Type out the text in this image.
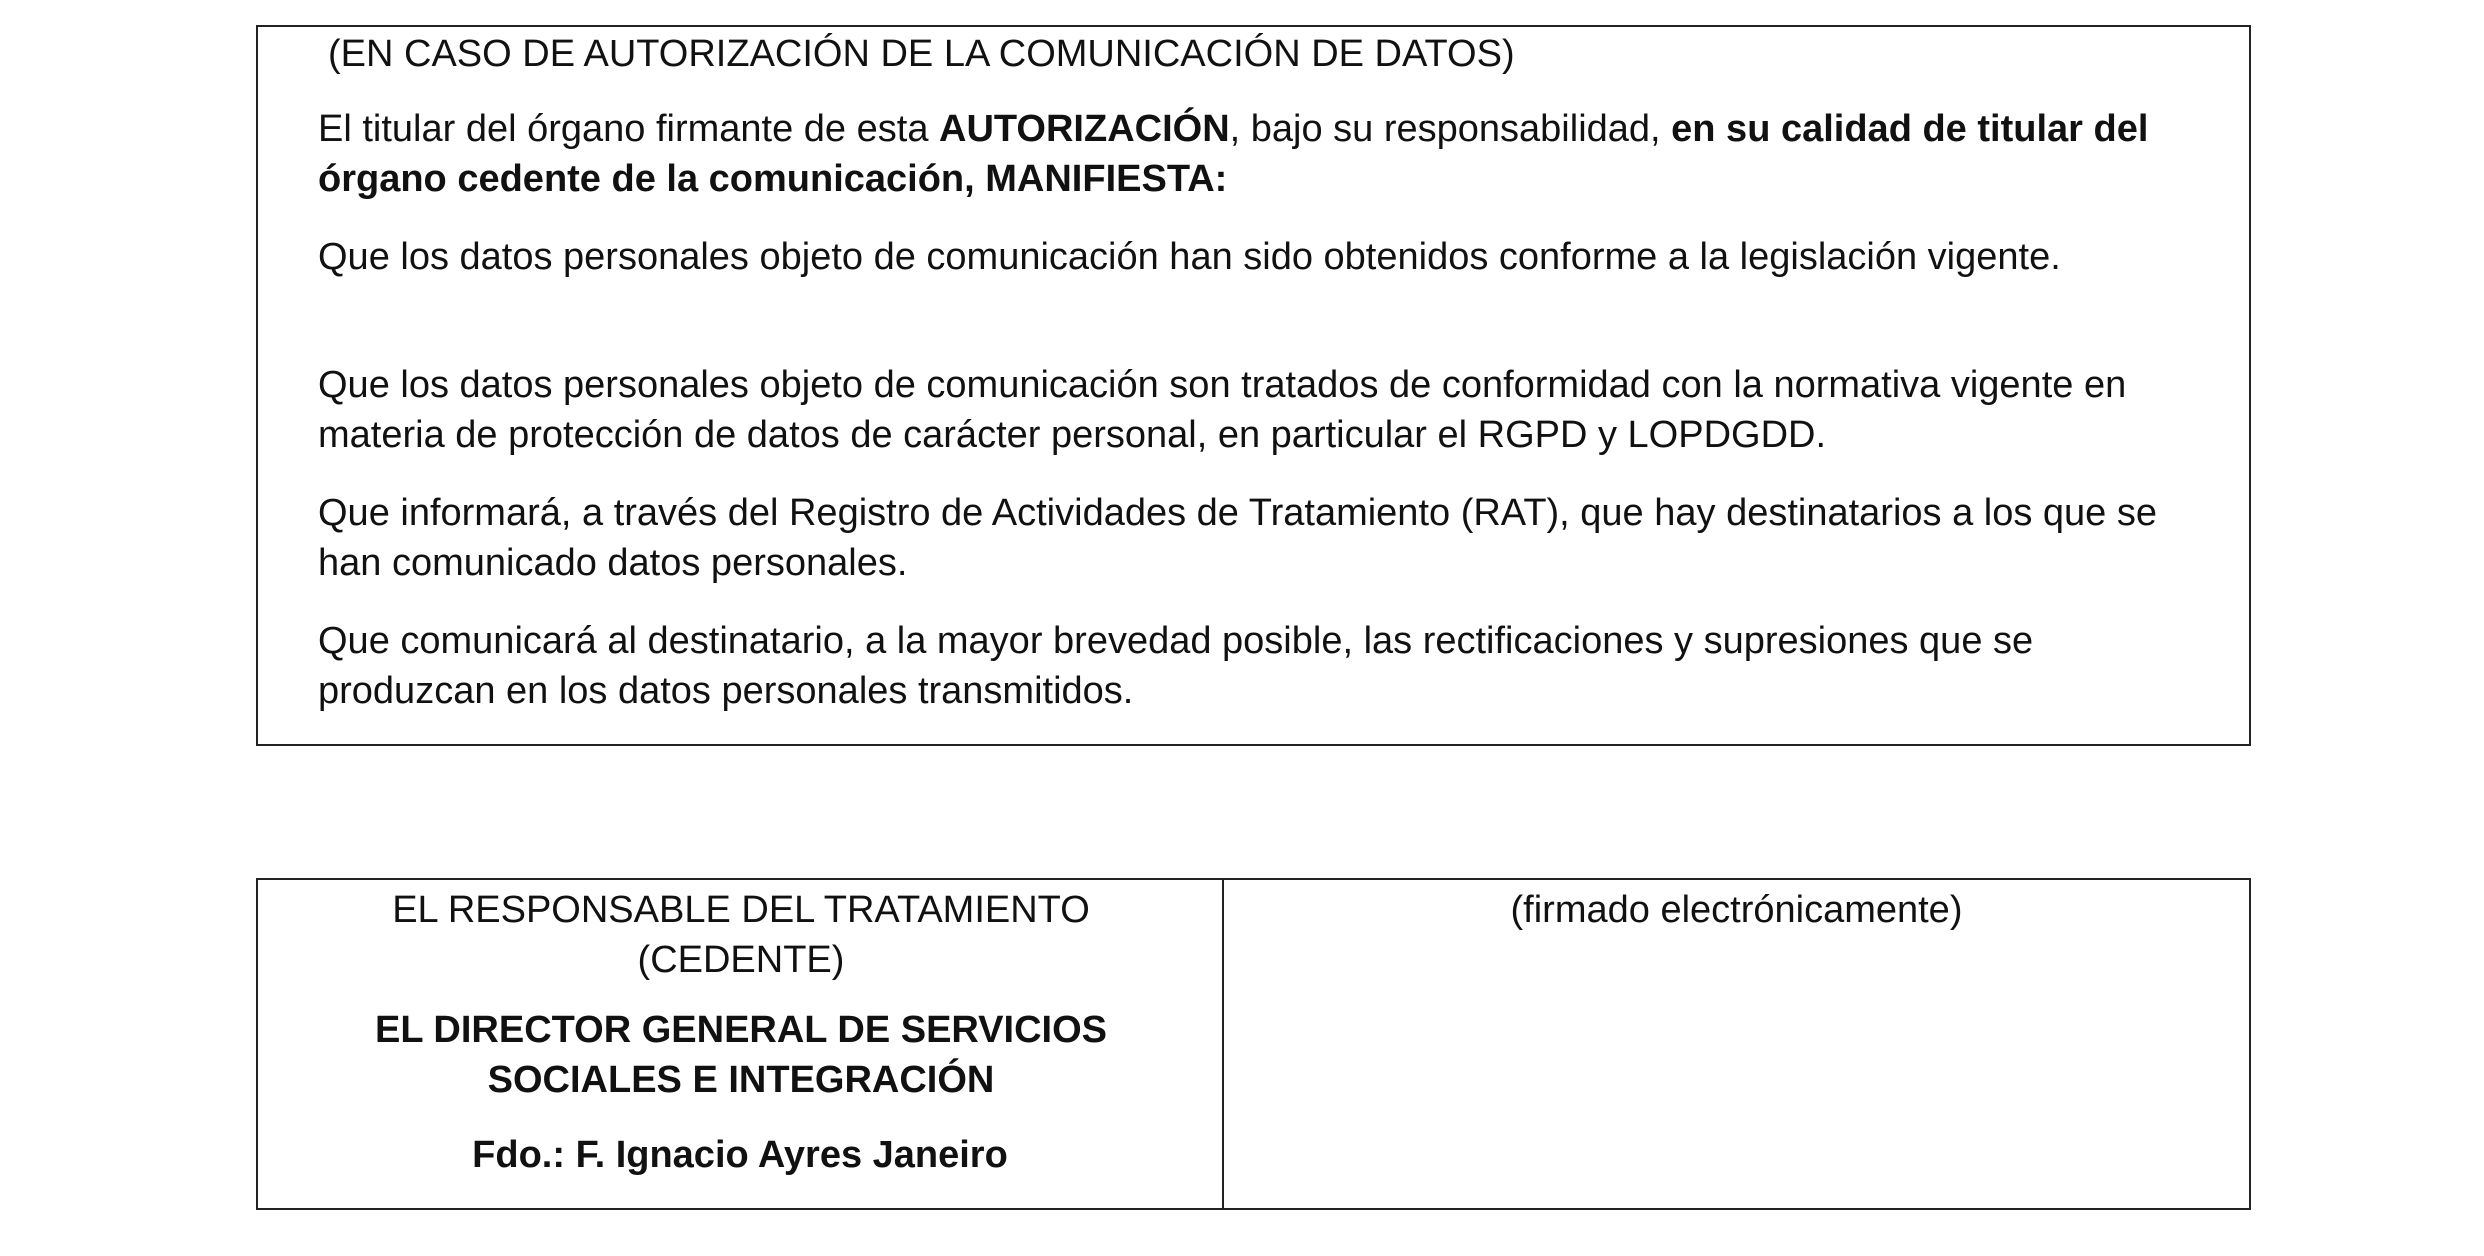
(EN CASO DE AUTORIZACIÓN DE LA COMUNICACIÓN DE DATOS)

El titular del órgano firmante de esta AUTORIZACIÓN, bajo su responsabilidad, en su calidad de titular del órgano cedente de la comunicación, MANIFIESTA:

Que los datos personales objeto de comunicación han sido obtenidos conforme a la legislación vigente.

Que los datos personales objeto de comunicación son tratados de conformidad con la normativa vigente en materia de protección de datos de carácter personal, en particular el RGPD y LOPDGDD.

Que informará, a través del Registro de Actividades de Tratamiento (RAT), que hay destinatarios a los que se han comunicado datos personales.

Que comunicará al destinatario, a la mayor brevedad posible, las rectificaciones y supresiones que se produzcan en los datos personales transmitidos.

EL RESPONSABLE DEL TRATAMIENTO (CEDENTE)

EL DIRECTOR GENERAL DE SERVICIOS SOCIALES E INTEGRACIÓN

Fdo.: F. Ignacio Ayres Janeiro

(firmado electrónicamente)
